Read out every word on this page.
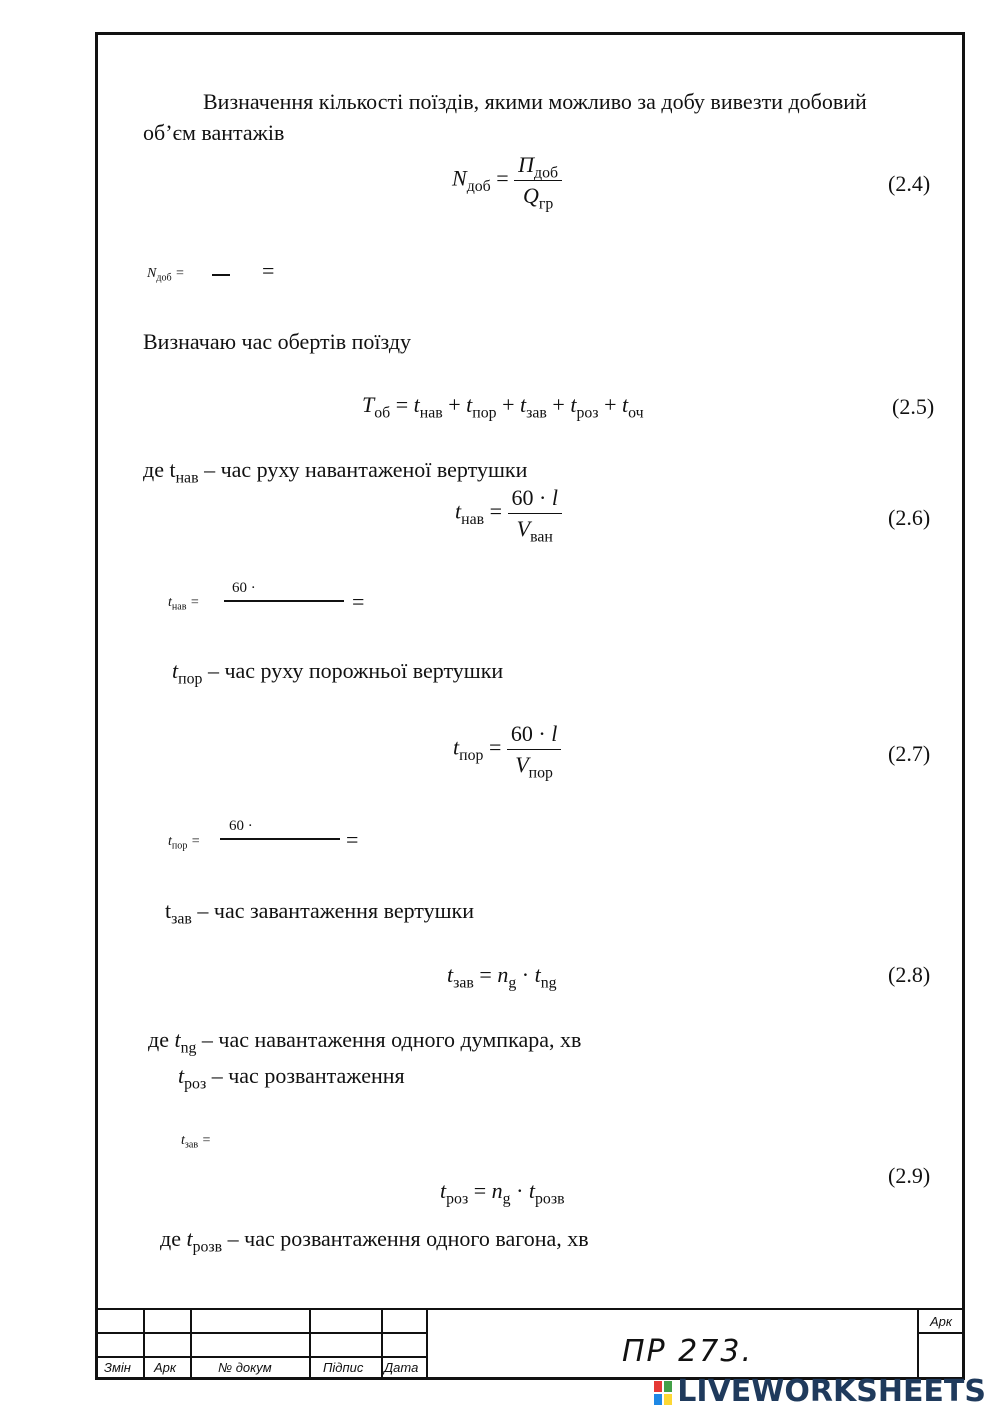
Визначення кількості поїздів, якими можливо за добу вивезти добовий
об’єм вантажів
$N_{доб} = \frac{П_{доб}}{Q_{гр}}$	(2.4)
$N_{доб}$ =	=
Визначаю час обертів поїзду
$T_{об} = t_{нав} + t_{пор} + t_{зав} + t_{роз} + t_{оч}$	(2.5)
де $t_{нав}$ – час руху навантаженої вертушки
$t_{нав} = \frac{60 \cdot l}{V_{ван}}$	(2.6)
$t_{нав}$ =
60 ·
=
$t_{пор}$ – час руху порожньої вертушки
$t_{пор} = \frac{60 \cdot l}{V_{пор}}$	(2.7)
$t_{пор}$ =
60 ·
=
$t_{зав}$ – час завантаження вертушки
$t_{зав} = n_g \cdot t_{ng}$	(2.8)
де $t_{ng}$ – час навантаження одного думпкара, хв
$t_{роз}$ – час розвантаження
$t_{зав}$ =
(2.9)
$t_{роз} = n_g \cdot t_{розв}$
де $t_{розв}$ – час розвантаження одного вагона, хв
Змін Арк	№ докум	Підпис Дата
Арк
ПР 273.
LIVEWORKSHEETS
